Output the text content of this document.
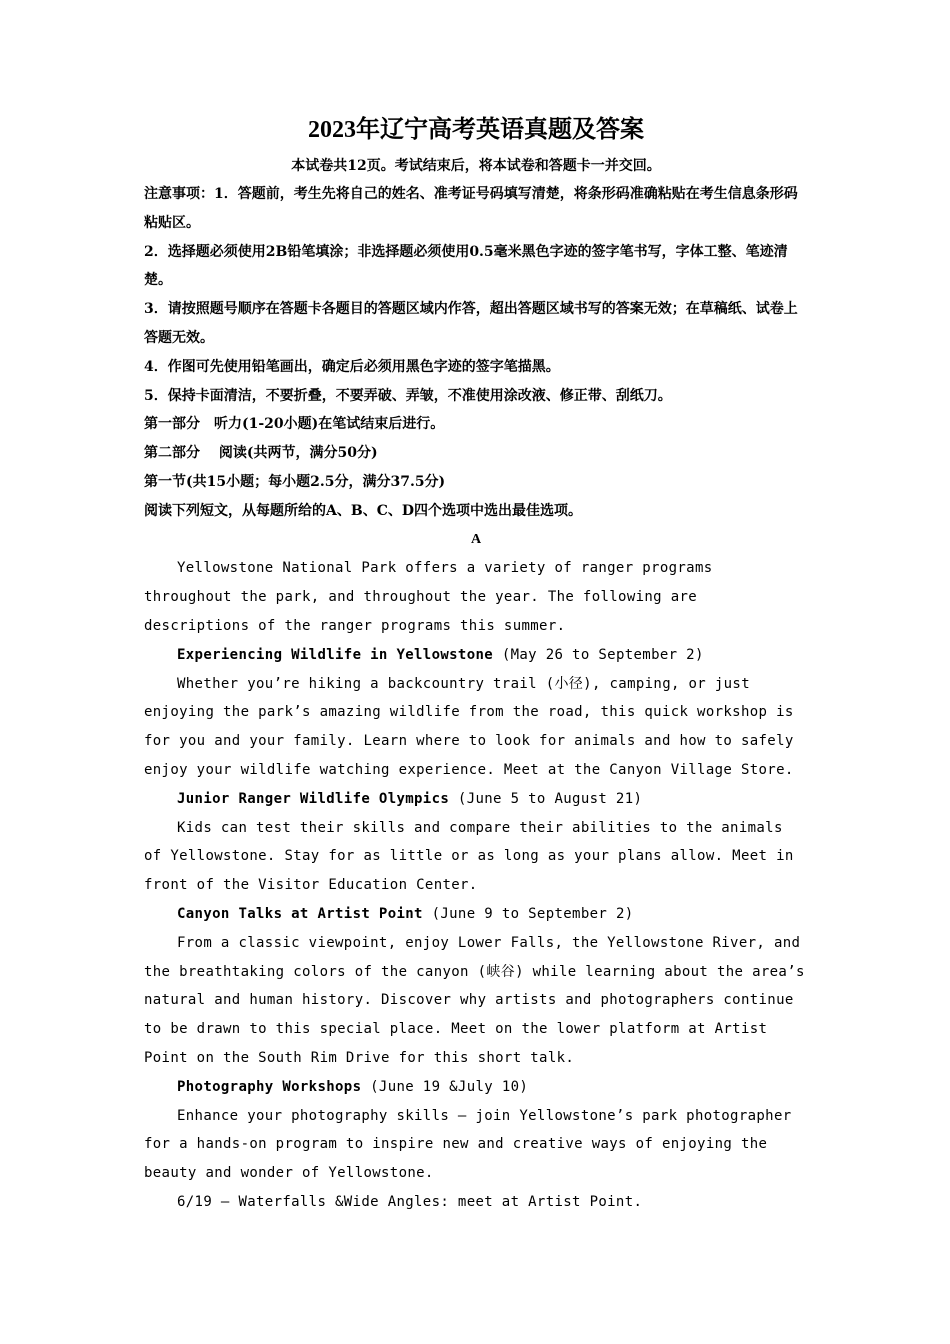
2023年辽宁高考英语真题及答案
本试卷共12页。考试结束后，将本试卷和答题卡一并交回。

注意事项：1．答题前，考生先将自己的姓名、准考证号码填写清楚，将条形码准确粘贴在考生信息条形码粘贴区。

2．选择题必须使用2B铅笔填涂；非选择题必须使用0.5毫米黑色字迹的签字笔书写，字体工整、笔迹清楚。

3．请按照题号顺序在答题卡各题目的答题区域内作答，超出答题区域书写的答案无效；在草稿纸、试卷上答题无效。

4．作图可先使用铅笔画出，确定后必须用黑色字迹的签字笔描黑。

5．保持卡面清洁，不要折叠，不要弄破、弄皱，不准使用涂改液、修正带、刮纸刀。

第一部分　听力(1-20小题)在笔试结束后进行。

第二部分　 阅读(共两节，满分50分)

第一节(共15小题；每小题2.5分，满分37.5分)

阅读下列短文，从每题所给的A、B、C、D四个选项中选出最佳选项。

A

Yellowstone National Park offers a variety of ranger programs throughout the park, and throughout the year. The following are descriptions of the ranger programs this summer.

Experiencing Wildlife in Yellowstone (May 26 to September 2)

Whether you’re hiking a backcountry trail (小径), camping, or just enjoying the park’s amazing wildlife from the road, this quick workshop is for you and your family. Learn where to look for animals and how to safely enjoy your wildlife watching experience. Meet at the Canyon Village Store.

Junior Ranger Wildlife Olympics (June 5 to August 21)

Kids can test their skills and compare their abilities to the animals of Yellowstone. Stay for as little or as long as your plans allow. Meet in front of the Visitor Education Center.

Canyon Talks at Artist Point (June 9 to September 2)

From a classic viewpoint, enjoy Lower Falls, the Yellowstone River, and the breathtaking colors of the canyon (峡谷) while learning about the area’s natural and human history. Discover why artists and photographers continue to be drawn to this special place. Meet on the lower platform at Artist Point on the South Rim Drive for this short talk.

Photography Workshops (June 19 &July 10)

Enhance your photography skills — join Yellowstone’s park photographer for a hands-on program to inspire new and creative ways of enjoying the beauty and wonder of Yellowstone.

6/19 — Waterfalls &Wide Angles: meet at Artist Point.
